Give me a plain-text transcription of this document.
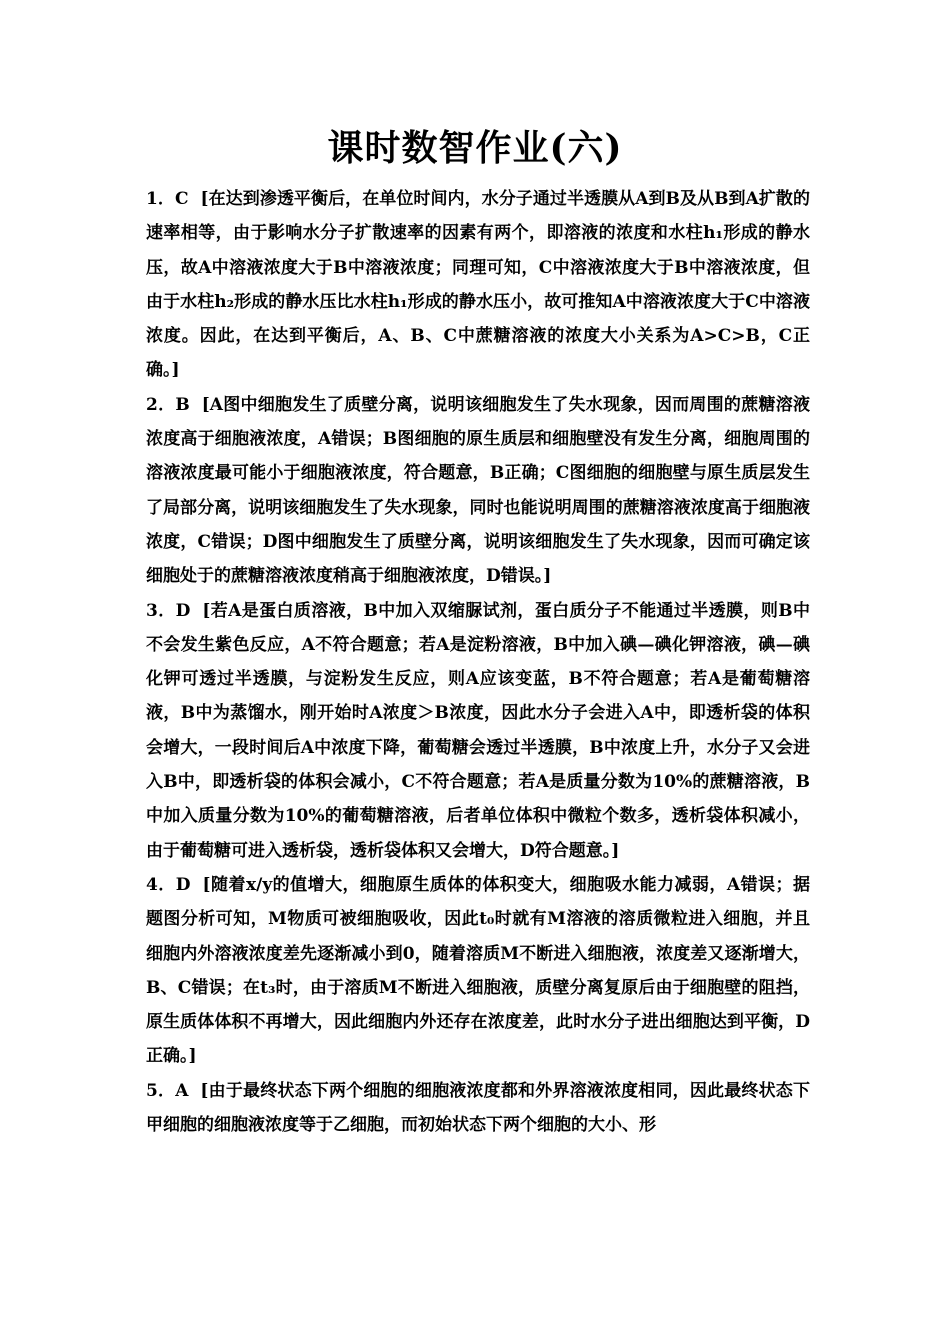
课时数智作业(六)

1．C [在达到渗透平衡后，在单位时间内，水分子通过半透膜从A到B及从B到A扩散的速率相等，由于影响水分子扩散速率的因素有两个，即溶液的浓度和水柱h₁形成的静水压，故A中溶液浓度大于B中溶液浓度；同理可知，C中溶液浓度大于B中溶液浓度，但由于水柱h₂形成的静水压比水柱h₁形成的静水压小，故可推知A中溶液浓度大于C中溶液浓度。因此，在达到平衡后，A、B、C中蔗糖溶液的浓度大小关系为A>C>B，C正确。]

2．B [A图中细胞发生了质壁分离，说明该细胞发生了失水现象，因而周围的蔗糖溶液浓度高于细胞液浓度，A错误；B图细胞的原生质层和细胞壁没有发生分离，细胞周围的溶液浓度最可能小于细胞液浓度，符合题意，B正确；C图细胞的细胞壁与原生质层发生了局部分离，说明该细胞发生了失水现象，同时也能说明周围的蔗糖溶液浓度高于细胞液浓度，C错误；D图中细胞发生了质壁分离，说明该细胞发生了失水现象，因而可确定该细胞处于的蔗糖溶液浓度稍高于细胞液浓度，D错误。]

3．D [若A是蛋白质溶液，B中加入双缩脲试剂，蛋白质分子不能通过半透膜，则B中不会发生紫色反应，A不符合题意；若A是淀粉溶液，B中加入碘—碘化钾溶液，碘—碘化钾可透过半透膜，与淀粉发生反应，则A应该变蓝，B不符合题意；若A是葡萄糖溶液，B中为蒸馏水，刚开始时A浓度＞B浓度，因此水分子会进入A中，即透析袋的体积会增大，一段时间后A中浓度下降，葡萄糖会透过半透膜，B中浓度上升，水分子又会进入B中，即透析袋的体积会减小，C不符合题意；若A是质量分数为10%的蔗糖溶液，B中加入质量分数为10%的葡萄糖溶液，后者单位体积中微粒个数多，透析袋体积减小，由于葡萄糖可进入透析袋，透析袋体积又会增大，D符合题意。]

4．D [随着x/y的值增大，细胞原生质体的体积变大，细胞吸水能力减弱，A错误；据题图分析可知，M物质可被细胞吸收，因此t₀时就有M溶液的溶质微粒进入细胞，并且细胞内外溶液浓度差先逐渐减小到0，随着溶质M不断进入细胞液，浓度差又逐渐增大，B、C错误；在t₃时，由于溶质M不断进入细胞液，质壁分离复原后由于细胞壁的阻挡，原生质体体积不再增大，因此细胞内外还存在浓度差，此时水分子进出细胞达到平衡，D正确。]

5．A [由于最终状态下两个细胞的细胞液浓度都和外界溶液浓度相同，因此最终状态下甲细胞的细胞液浓度等于乙细胞，而初始状态下两个细胞的大小、形
